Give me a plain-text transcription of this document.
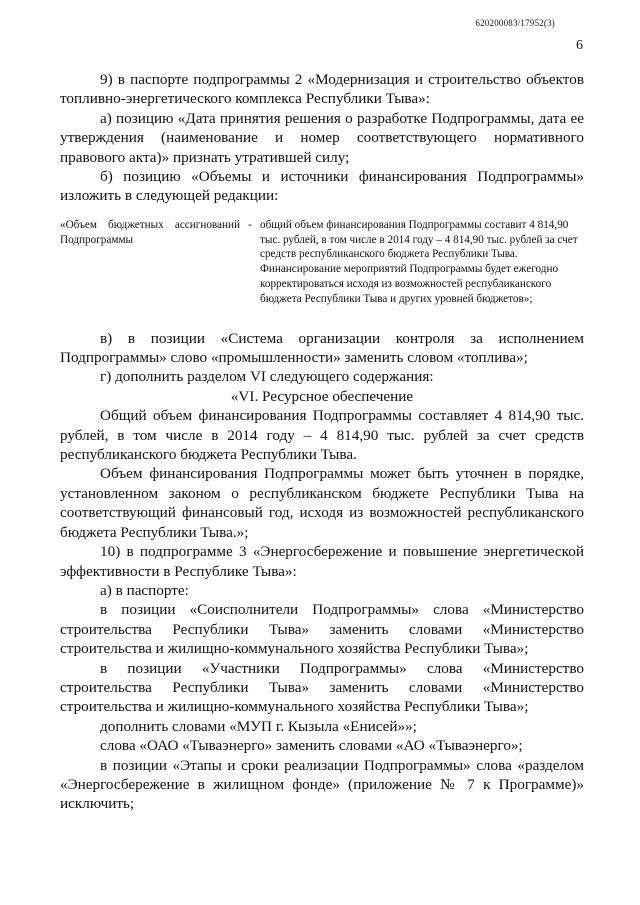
620200083/17952(3)
6

9) в паспорте подпрограммы 2 «Модернизация и строительство объектов топливно-энергетического комплекса Республики Тыва»:

а) позицию «Дата принятия решения о разработке Подпрограммы, дата ее утверждения (наименование и номер соответствующего нормативного правового акта)» признать утратившей силу;

б) позицию «Объемы и источники финансирования Подпрограммы» изложить в следующей редакции:

«Объем бюджетных ассигнований Подпрограммы
- общий объем финансирования Подпрограммы составит 4 814,90 тыс. рублей, в том числе в 2014 году – 4 814,90 тыс. рублей за счет средств республиканского бюджета Республики Тыва.

Финансирование мероприятий Подпрограммы будет ежегодно корректироваться исходя из возможностей республиканского бюджета Республики Тыва и других уровней бюджетов»;

в) в позиции «Система организации контроля за исполнением Подпрограммы» слово «промышленности» заменить словом «топлива»;

г) дополнить разделом VI следующего содержания:

«VI. Ресурсное обеспечение

Общий объем финансирования Подпрограммы составляет 4 814,90 тыс. рублей, в том числе в 2014 году – 4 814,90 тыс. рублей за счет средств республиканского бюджета Республики Тыва.

Объем финансирования Подпрограммы может быть уточнен в порядке, установленном законом о республиканском бюджете Республики Тыва на соответствующий финансовый год, исходя из возможностей республиканского бюджета Республики Тыва.»;

10) в подпрограмме 3 «Энергосбережение и повышение энергетической эффективности в Республике Тыва»:

а) в паспорте:

в позиции «Соисполнители Подпрограммы» слова «Министерство строительства Республики Тыва» заменить словами «Министерство строительства и жилищно-коммунального хозяйства Республики Тыва»;

в позиции «Участники Подпрограммы» слова «Министерство строительства Республики Тыва» заменить словами «Министерство строительства и жилищно-коммунального хозяйства Республики Тыва»;

дополнить словами «МУП г. Кызыла «Енисей»»;

слова «ОАО «Тываэнерго» заменить словами «АО «Тываэнерго»;

в позиции «Этапы и сроки реализации Подпрограммы» слова «разделом «Энергосбережение в жилищном фонде» (приложение № 7 к Программе)» исключить;
